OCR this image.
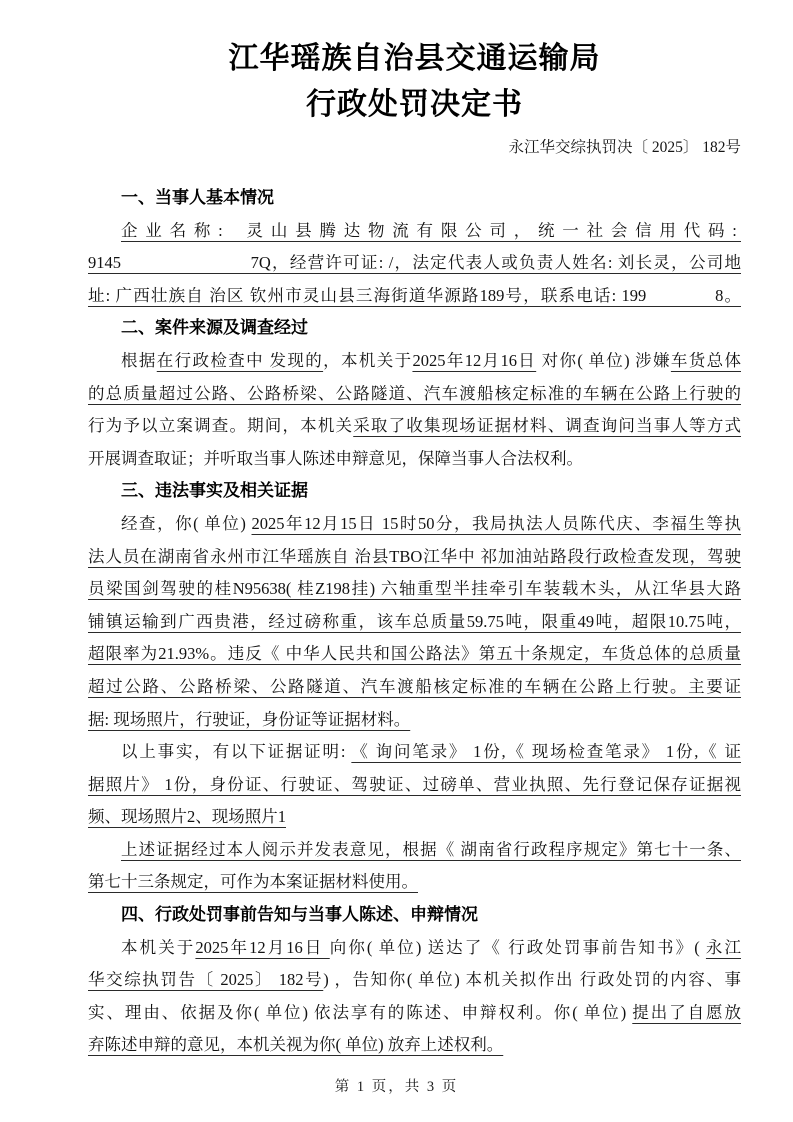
江华瑶族自治县交通运输局
行政处罚决定书
永江华交综执罚决〔 2025〕 182号
一、当事人基本情况
企业名称:  灵山县腾达物流有限公司，统一社会信用代码:
9145                        7Q，经营许可证: /，法定代表人或负责人姓名: 刘长灵，公司地
址: 广西壮族自 治区 钦州市灵山县三海街道华源路189号，联系电话: 199             8。
二、案件来源及调查经过
根据在行政检查中 发现的，本机关于2025年12月16日 对你( 单位) 涉嫌车货总体
的总质量超过公路、公路桥梁、公路隧道、汽车渡船核定标准的车辆在公路上行驶的
行为予以立案调查。期间，本机关采取了收集现场证据材料、调查询问当事人等方式
开展调查取证；并听取当事人陈述申辩意见，保障当事人合法权利。
三、违法事实及相关证据
经查，你( 单位) 2025年12月15日 15时50分，我局执法人员陈代庆、李福生等执
法人员在湖南省永州市江华瑶族自 治县TBO江华中 祁加油站路段行政检查发现，驾驶
员梁国剑驾驶的桂N95638( 桂Z198挂) 六轴重型半挂牵引车装载木头，从江华县大路
铺镇运输到广西贵港，经过磅称重，该车总质量59.75吨，限重49吨，超限10.75吨，
超限率为21.93%。违反《 中华人民共和国公路法》第五十条规定，车货总体的总质量
超过公路、公路桥梁、公路隧道、汽车渡船核定标准的车辆在公路上行驶。主要证
据: 现场照片，行驶证，身份证等证据材料。
以上事实，有以下证据证明: 《 询问笔录》 1份,《 现场检查笔录》 1份,《 证
据照片》 1份，身份证、行驶证、驾驶证、过磅单、营业执照、先行登记保存证据视
频、现场照片2、现场照片1
上述证据经过本人阅示并发表意见，根据《 湖南省行政程序规定》第七十一条、
第七十三条规定，可作为本案证据材料使用。
四、行政处罚事前告知与当事人陈述、申辩情况
本机关于2025年12月16日 向你( 单位) 送达了《 行政处罚事前告知书》( 永江
华交综执罚告〔 2025〕 182号) ，告知你( 单位) 本机关拟作出 行政处罚的内容、事
实、理由、依据及你( 单位) 依法享有的陈述、申辩权利。你( 单位) 提出了自愿放
弃陈述申辩的意见，本机关视为你( 单位) 放弃上述权利。
第 1 页，共 3 页
